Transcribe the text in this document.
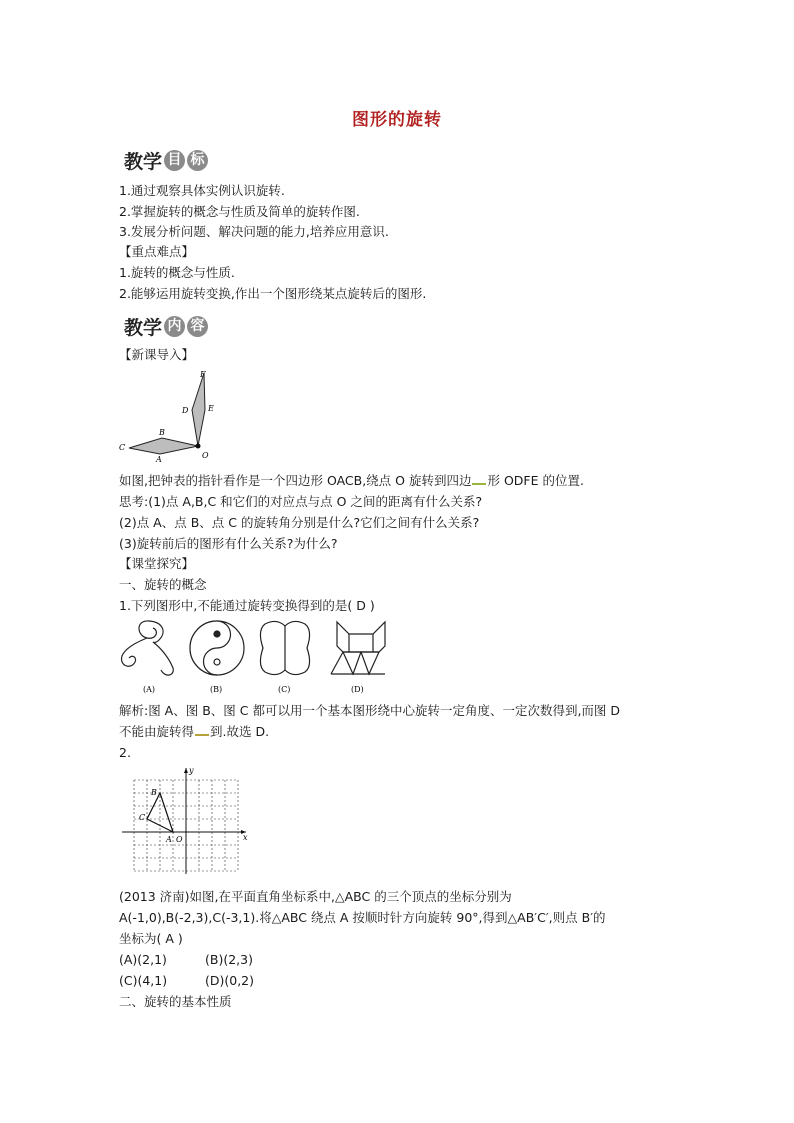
图形的旋转
教学 目 标
1.通过观察具体实例认识旋转.
2.掌握旋转的概念与性质及简单的旋转作图.
3.发展分析问题、解决问题的能力,培养应用意识.
【重点难点】
1.旋转的概念与性质.
2.能够运用旋转变换,作出一个图形绕某点旋转后的图形.
教学 内 容
【新课导入】
F
E
D
C
B
A	O
如图,把钟表的指针看作是一个四边形 OACB,绕点 O 旋转到四边 形 ODFE 的位置.
思考:(1)点 A,B,C 和它们的对应点与点 O 之间的距离有什么关系?
(2)点 A、点 B、点 C 的旋转角分别是什么?它们之间有什么关系?
(3)旋转前后的图形有什么关系?为什么?
【课堂探究】
一、旋转的概念
1.下列图形中,不能通过旋转变换得到的是( D )
(A)	(B)	(C)	(D)
解析:图 A、图 B、图 C 都可以用一个基本图形绕中心旋转一定角度、一定次数得到,而图 D
不能由旋转得 到.故选 D.
2.
y
x
B
C
A O
(2013 济南)如图,在平面直角坐标系中,△ABC 的三个顶点的坐标分别为
A(-1,0),B(-2,3),C(-3,1).将△ABC 绕点 A 按顺时针方向旋转 90°,得到△AB′C′,则点 B′的
坐标为( A )
(A)(2,1)	(B)(2,3)
(C)(4,1)	(D)(0,2)
二、旋转的基本性质
